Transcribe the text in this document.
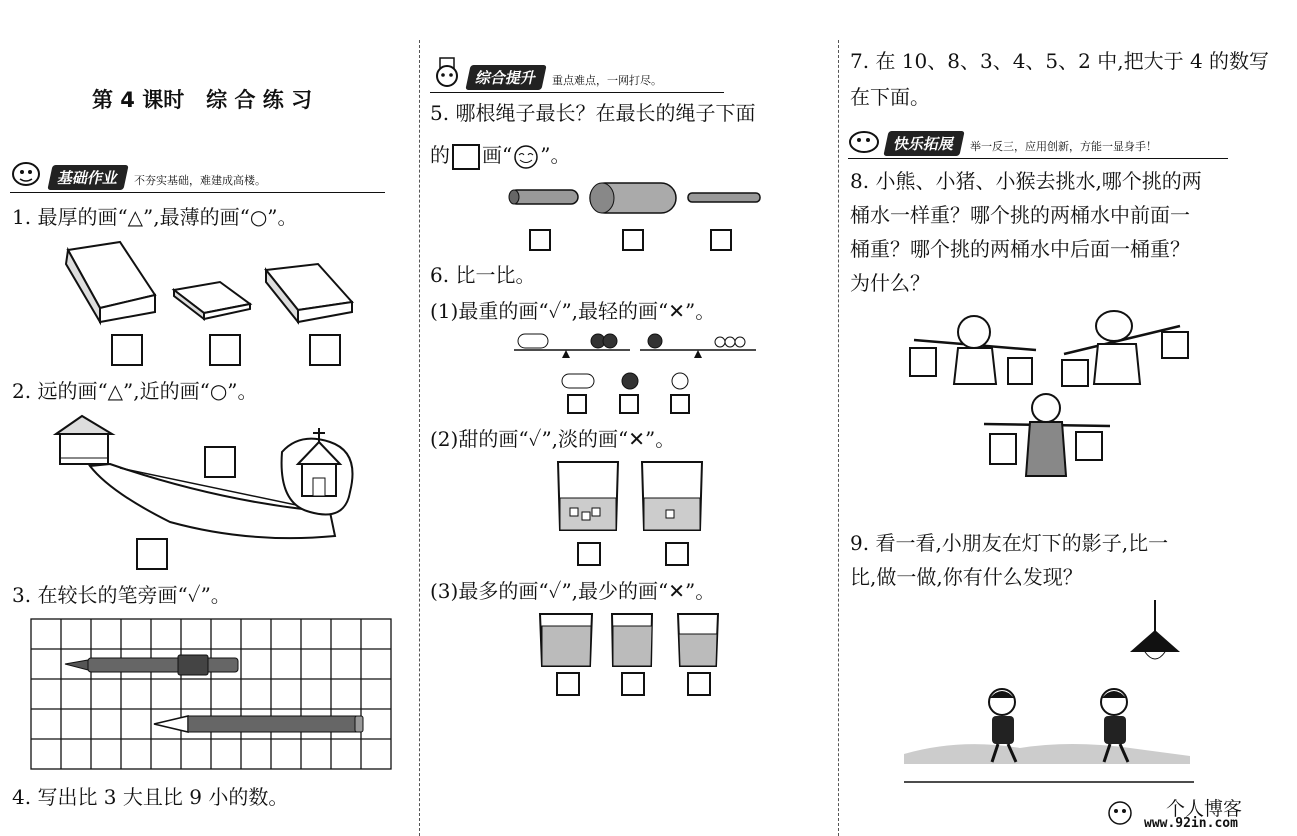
第 4 课时   综 合 练 习
基础作业	不夯实基础，难建成高楼。
1. 最厚的画“△”,最薄的画“○”。
2. 远的画“△”,近的画“○”。
3. 在较长的笔旁画“✓”。
4. 写出比 3 大且比 9 小的数。
综合提升	重点难点，一网打尽。
5. 哪根绳子最长？在最长的绳子下面
的 画“ ”。
6. 比一比。
(1)最重的画“✓”,最轻的画“✕”。
(2)甜的画“✓”,淡的画“✕”。
(3)最多的画“✓”,最少的画“✕”。
7. 在 10、8、3、4、5、2 中,把大于 4 的数写
在下面。
快乐拓展	举一反三，应用创新，方能一显身手！
8. 小熊、小猪、小猴去挑水,哪个挑的两
桶水一样重？哪个挑的两桶水中前面一
桶重？哪个挑的两桶水中后面一桶重？
为什么？
9. 看一看,小朋友在灯下的影子,比一
比,做一做,你有什么发现？
个人博客
www.92in.com
